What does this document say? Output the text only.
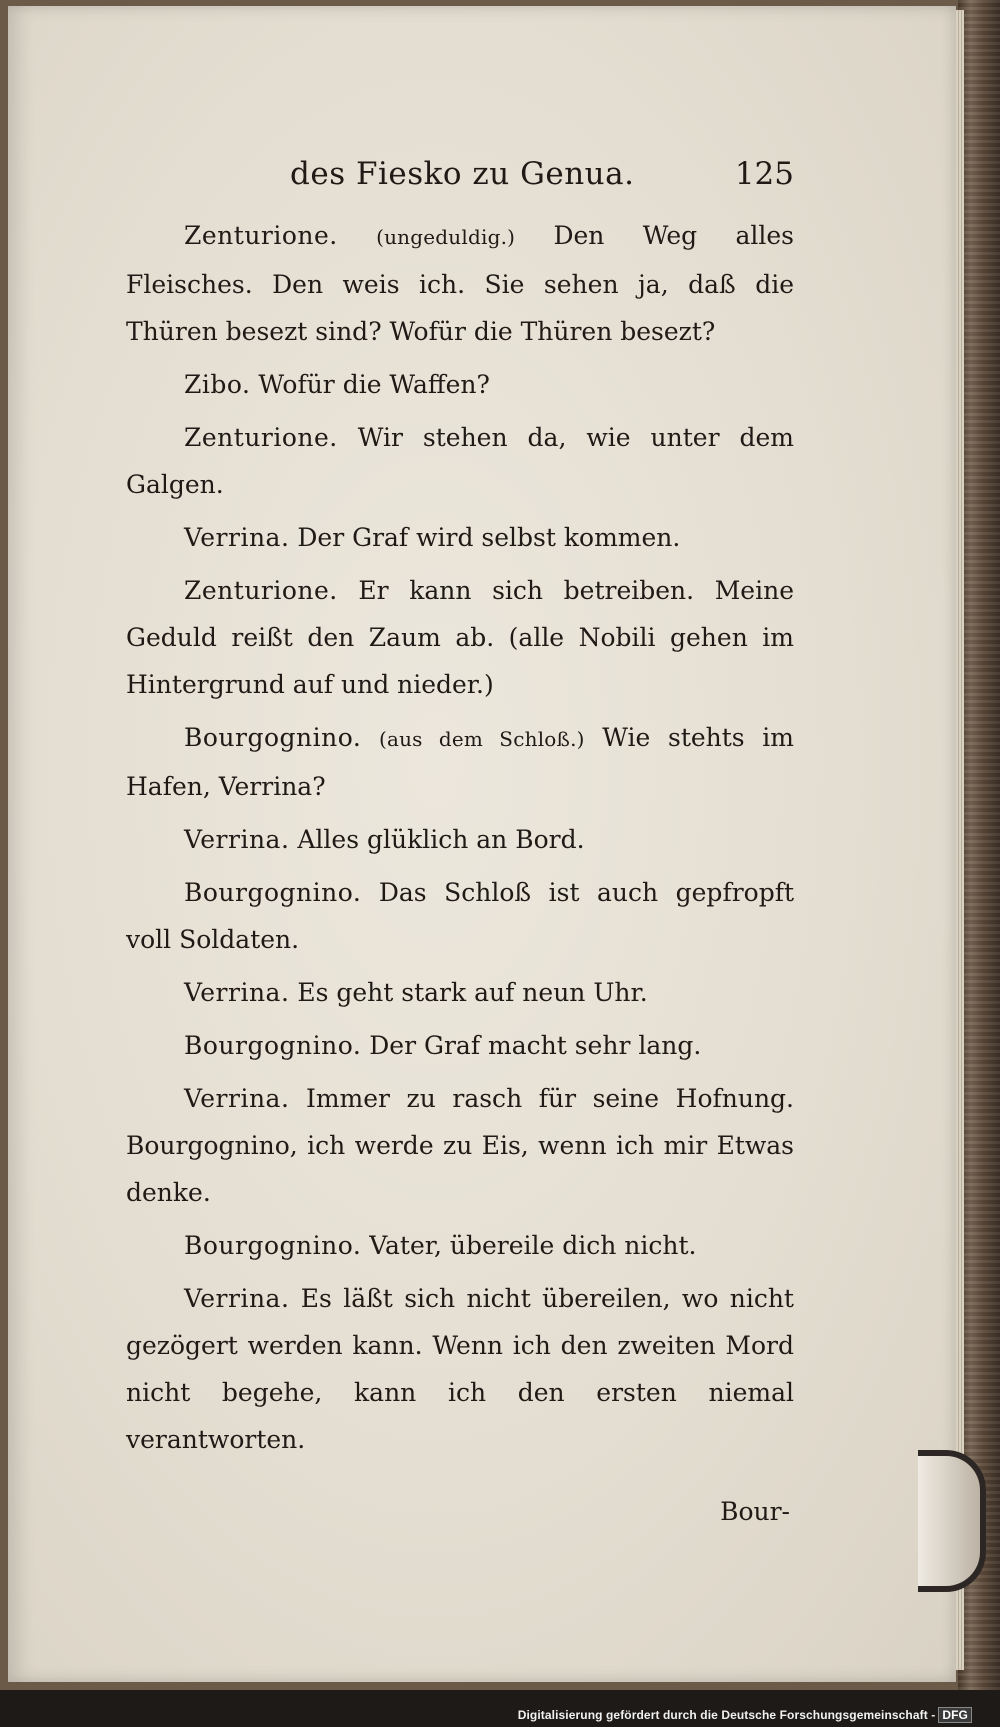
des Fiesko zu Genua.	125

Zenturione. (ungeduldig.) Den Weg alles Fleisches. Den weis ich. Sie sehen ja, daß die Thüren besezt sind? Wofür die Thüren besezt?

Zibo. Wofür die Waffen?

Zenturione. Wir stehen da, wie unter dem Galgen.

Verrina. Der Graf wird selbst kommen.

Zenturione. Er kann sich betreiben. Meine Geduld reißt den Zaum ab. (alle Nobili gehen im Hintergrund auf und nieder.)

Bourgognino. (aus dem Schloß.) Wie stehts im Hafen, Verrina?

Verrina. Alles glüklich an Bord.

Bourgognino. Das Schloß ist auch gepfropft voll Soldaten.

Verrina. Es geht stark auf neun Uhr.

Bourgognino. Der Graf macht sehr lang.

Verrina. Immer zu rasch für seine Hofnung. Bourgognino, ich werde zu Eis, wenn ich mir Etwas denke.

Bourgognino. Vater, übereile dich nicht.

Verrina. Es läßt sich nicht übereilen, wo nicht gezögert werden kann. Wenn ich den zweiten Mord nicht begehe, kann ich den ersten niemal verantworten.

Bour-
Digitalisierung gefördert durch die Deutsche Forschungsgemeinschaft - DFG
